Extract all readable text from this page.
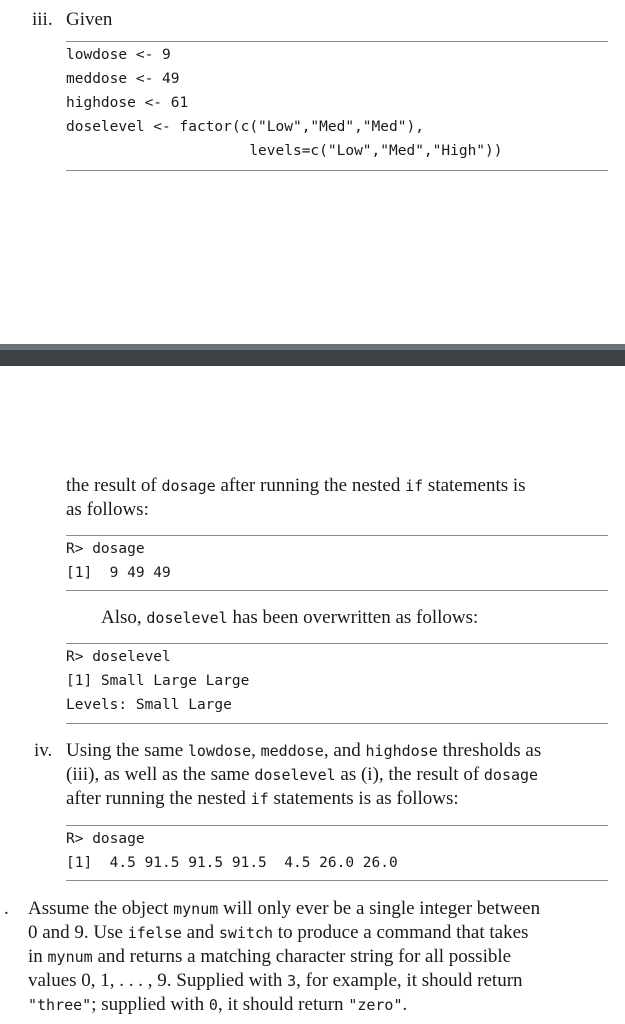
iii. Given
lowdose <- 9
meddose <- 49
highdose <- 61
doselevel <- factor(c("Low","Med","Med"),
levels=c("Low","Med","High"))
the result of dosage after running the nested if statements is
as follows:
R> dosage
[1]  9 49 49
Also, doselevel has been overwritten as follows:
R> doselevel
[1] Small Large Large
Levels: Small Large
iv. Using the same lowdose, meddose, and highdose thresholds as
(iii), as well as the same doselevel as (i), the result of dosage
after running the nested if statements is as follows:
R> dosage
[1]  4.5 91.5 91.5 91.5  4.5 26.0 26.0
. Assume the object mynum will only ever be a single integer between
0 and 9. Use ifelse and switch to produce a command that takes
in mynum and returns a matching character string for all possible
values 0, 1, . . . , 9. Supplied with 3, for example, it should return
"three"; supplied with 0, it should return "zero".
